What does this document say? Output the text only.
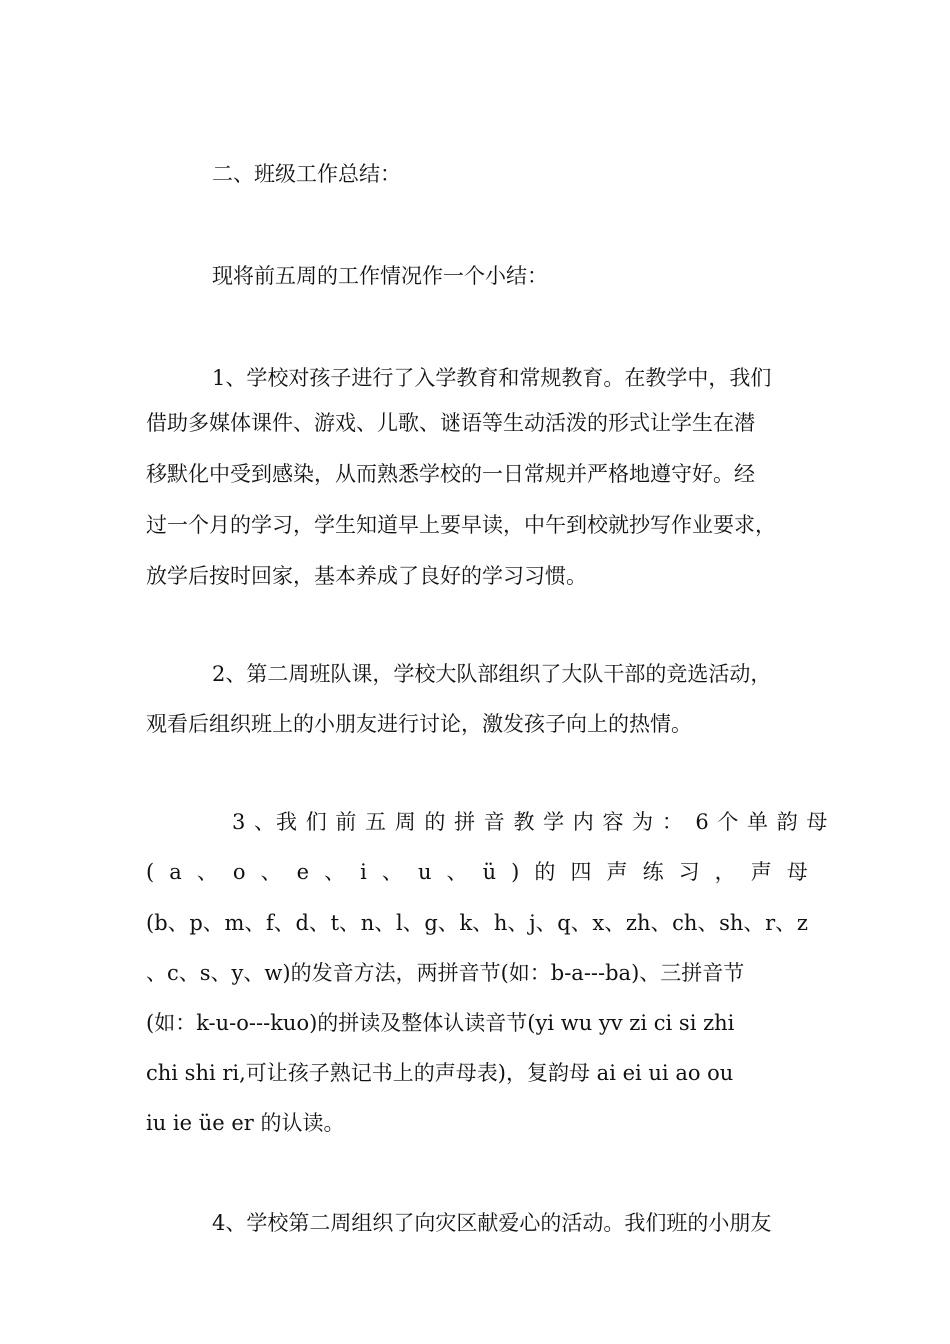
二、班级工作总结：
现将前五周的工作情况作一个小结：
1、学校对孩子进行了入学教育和常规教育。在教学中，我们
借助多媒体课件、游戏、儿歌、谜语等生动活泼的形式让学生在潜
移默化中受到感染，从而熟悉学校的一日常规并严格地遵守好。经
过一个月的学习，学生知道早上要早读，中午到校就抄写作业要求，
放学后按时回家，基本养成了良好的学习习惯。
2、第二周班队课，学校大队部组织了大队干部的竞选活动，
观看后组织班上的小朋友进行讨论，激发孩子向上的热情。
3 、我 们 前 五 周 的 拼 音 教 学 内 容 为 ：　6 个 单 韵 母
( a 、 o 、 e 、 i 、 u 、 ü ) 的 四 声 练 习 ， 声 母
(b、 p、 m、 f、 d、 t、 n、 l、 g、 k、 h、 j、 q、 x、 zh、 ch、 sh、 r、 z
、c、s、y、w)的发音方法，两拼音节(如：b-a---ba)、三拼音节
(如：k-u-o---kuo)的拼读及整体认读音节(yi wu yv zi ci si zhi
chi shi ri,可让孩子熟记书上的声母表)，复韵母 ai ei ui ao ou
iu ie üe er 的认读。
4、学校第二周组织了向灾区献爱心的活动。我们班的小朋友
